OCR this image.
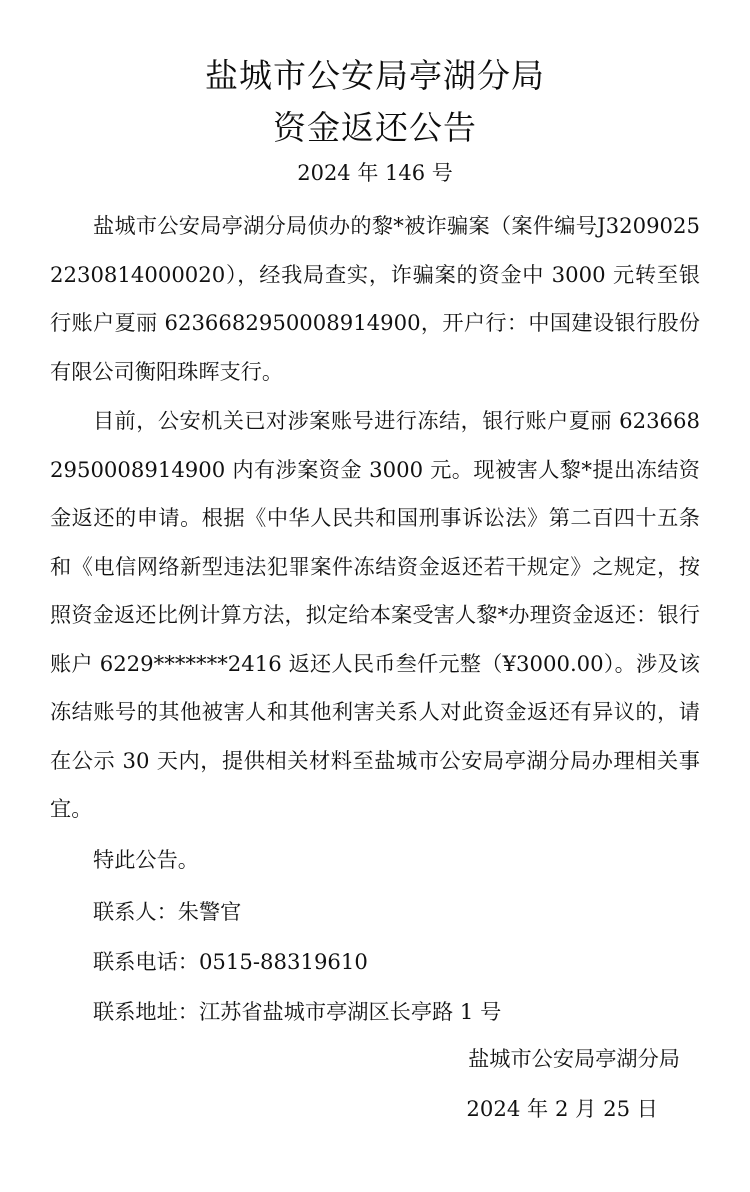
盐城市公安局亭湖分局
资金返还公告
2024 年 146 号

盐城市公安局亭湖分局侦办的黎*被诈骗案（案件编号J32090252230814000020），经我局查实，诈骗案的资金中 3000 元转至银行账户夏丽 6236682950008914900，开户行：中国建设银行股份有限公司衡阳珠晖支行。

目前，公安机关已对涉案账号进行冻结，银行账户夏丽 6236682950008914900 内有涉案资金 3000 元。现被害人黎*提出冻结资金返还的申请。根据《中华人民共和国刑事诉讼法》第二百四十五条和《电信网络新型违法犯罪案件冻结资金返还若干规定》之规定，按照资金返还比例计算方法，拟定给本案受害人黎*办理资金返还：银行账户 6229*******2416 返还人民币叁仟元整（¥3000.00）。涉及该冻结账号的其他被害人和其他利害关系人对此资金返还有异议的，请在公示 30 天内，提供相关材料至盐城市公安局亭湖分局办理相关事宜。

特此公告。
联系人：朱警官
联系电话：0515-88319610
联系地址：江苏省盐城市亭湖区长亭路 1 号
盐城市公安局亭湖分局
2024 年 2 月 25 日
